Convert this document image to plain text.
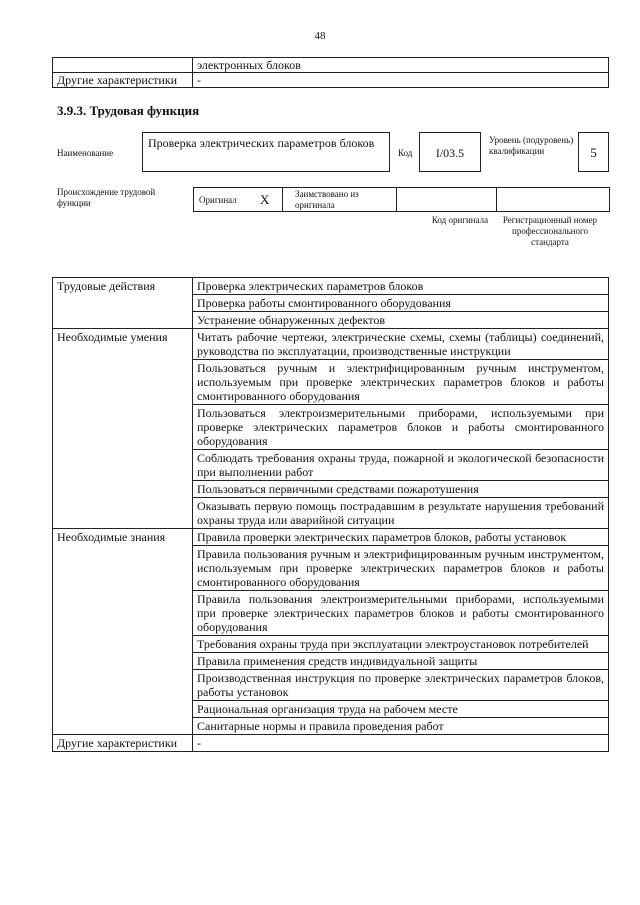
48
	электронных блоков
Другие характеристики	-
3.9.3. Трудовая функция
Наименование
Проверка электрических параметров блоков
Код	I/03.5
Уровень (подуровень) квалификации	5
Происхождение трудовой функции	Оригинал X	Заимствовано из оригинала
Код оригинала	Регистрационный номер профессионального стандарта
Трудовые действия	Проверка электрических параметров блоков
	Проверка работы смонтированного оборудования
	Устранение обнаруженных дефектов
Необходимые умения	Читать рабочие чертежи, электрические схемы, схемы (таблицы) соединений, руководства по эксплуатации, производственные инструкции
	Пользоваться ручным и электрифицированным ручным инструментом, используемым при проверке электрических параметров блоков и работы смонтированного оборудования
	Пользоваться электроизмерительными приборами, используемыми при проверке электрических параметров блоков и работы смонтированного оборудования
	Соблюдать требования охраны труда, пожарной и экологической безопасности при выполнении работ
	Пользоваться первичными средствами пожаротушения
	Оказывать первую помощь пострадавшим в результате нарушения требований охраны труда или аварийной ситуации
Необходимые знания	Правила проверки электрических параметров блоков, работы установок
	Правила пользования ручным и электрифицированным ручным инструментом, используемым при проверке электрических параметров блоков и работы смонтированного оборудования
	Правила пользования электроизмерительными приборами, используемыми при проверке электрических параметров блоков и работы смонтированного оборудования
	Требования охраны труда при эксплуатации электроустановок потребителей
	Правила применения средств индивидуальной защиты
	Производственная инструкция по проверке электрических параметров блоков, работы установок
	Рациональная организация труда на рабочем месте
	Санитарные нормы и правила проведения работ
Другие характеристики	-
